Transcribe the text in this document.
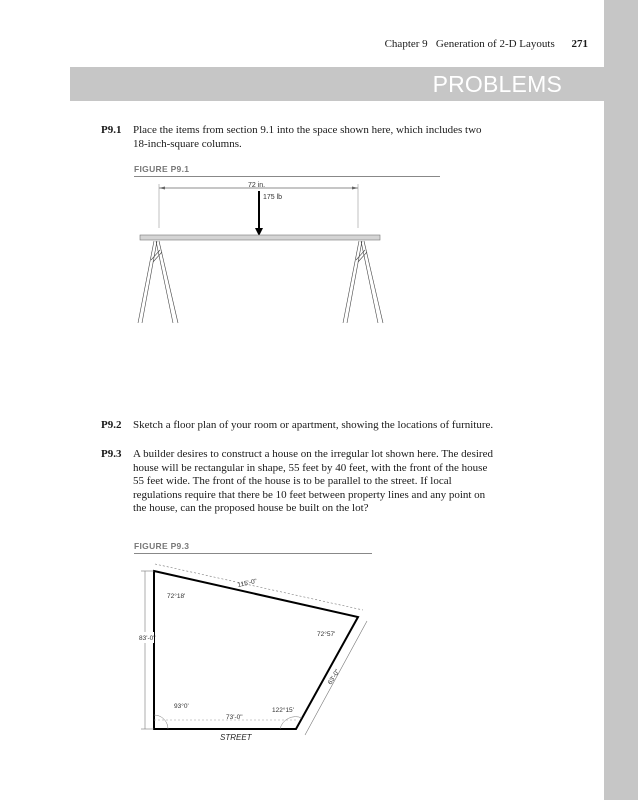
Chapter 9 Generation of 2-D Layouts 271
PROBLEMS
P9.1 Place the items from section 9.1 into the space shown here, which includes two 18-inch-square columns.
FIGURE P9.1
72 in.
175 lb
P9.2 Sketch a floor plan of your room or apartment, showing the locations of furniture.
P9.3 A builder desires to construct a house on the irregular lot shown here. The desired house will be rectangular in shape, 55 feet by 40 feet, with the front of the house 55 feet wide. The front of the house is to be parallel to the street. If local regulations require that there be 10 feet between property lines and any point on the house, can the proposed house be built on the lot?
FIGURE P9.3
83'-0"
115'-0"
63'-0"
73'-0"
72°18'
72°57'
93°0'
122°15'
STREET
